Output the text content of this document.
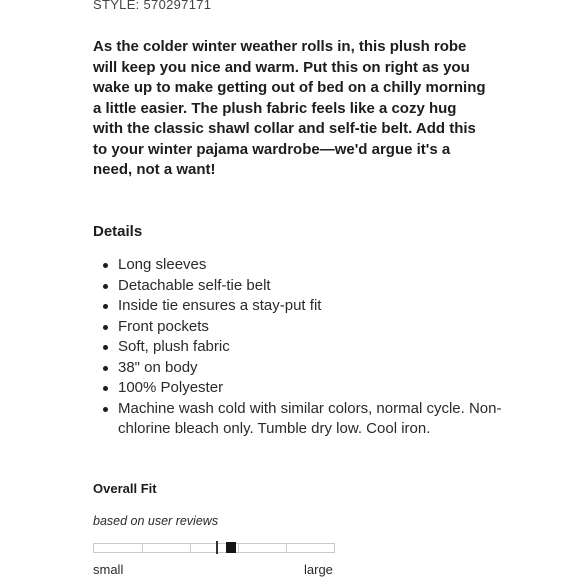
STYLE: 570297171

As the colder winter weather rolls in, this plush robe will keep you nice and warm. Put this on right as you wake up to make getting out of bed on a chilly morning a little easier. The plush fabric feels like a cozy hug with the classic shawl collar and self-tie belt. Add this to your winter pajama wardrobe—we'd argue it's a need, not a want!

Details
Long sleeves
Detachable self-tie belt
Inside tie ensures a stay-put fit
Front pockets
Soft, plush fabric
38" on body
100% Polyester
Machine wash cold with similar colors, normal cycle. Non-chlorine bleach only. Tumble dry low. Cool iron.
Overall Fit
based on user reviews
small	large
